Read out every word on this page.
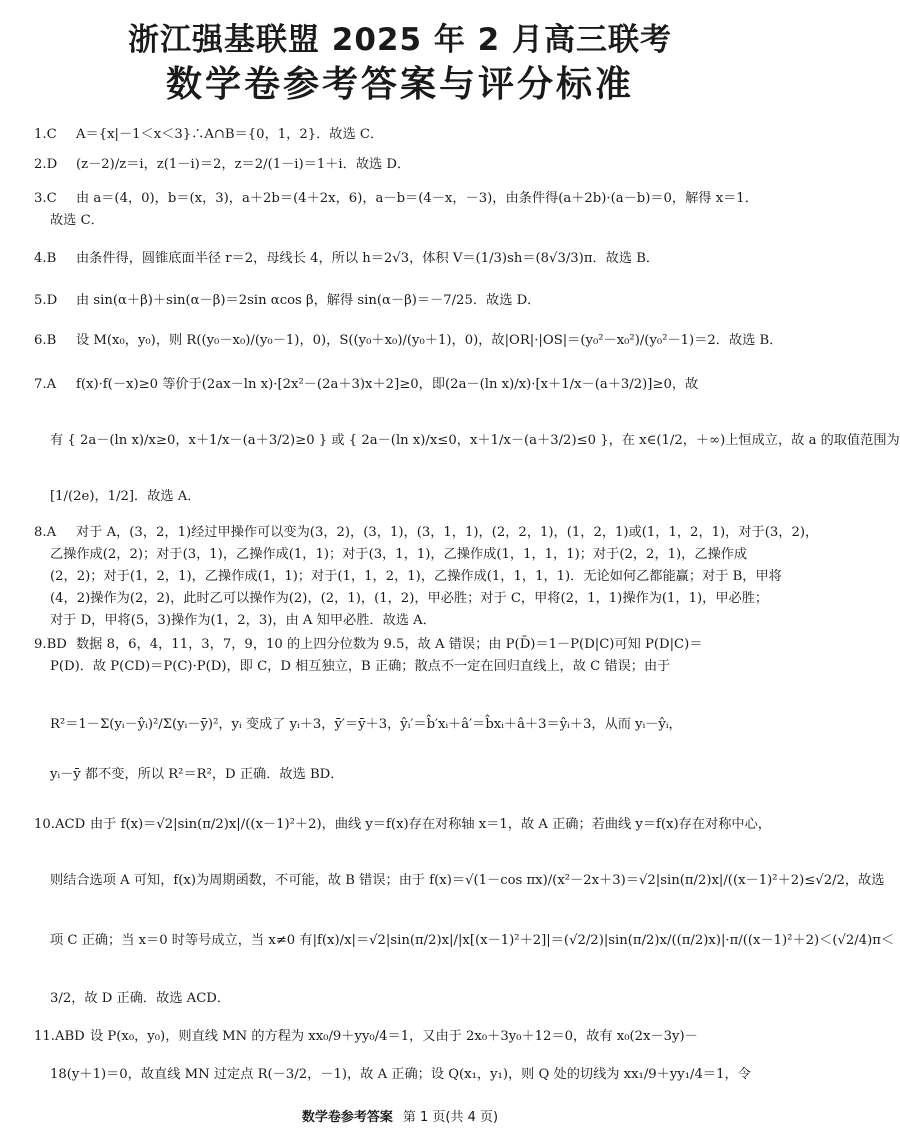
浙江强基联盟 2025 年 2 月高三联考
数学卷参考答案与评分标准
1.C A＝{x|－1＜x＜3}∴A∩B＝{0，1，2}．故选 C．
2.D (z－2)/z＝i，z(1－i)＝2，z＝2/(1－i)＝1＋i．故选 D．
3.C 由 a＝(4，0)，b＝(x，3)，a＋2b＝(4＋2x，6)，a－b＝(4－x，－3)，由条件得(a＋2b)·(a－b)＝0，解得 x＝1．
故选 C．
4.B 由条件得，圆锥底面半径 r＝2，母线长 4，所以 h＝2√3，体积 V＝(1/3)sh＝(8√3/3)π．故选 B．
5.D 由 sin(α＋β)＋sin(α－β)＝2sin αcos β，解得 sin(α－β)＝－7/25．故选 D．
6.B 设 M(x₀，y₀)，则 R((y₀－x₀)/(y₀－1)，0)，S((y₀＋x₀)/(y₀＋1)，0)，故|OR|·|OS|＝(y₀²－x₀²)/(y₀²－1)＝2．故选 B．
7.A f(x)·f(－x)≥0 等价于(2ax－ln x)·[2x²－(2a＋3)x＋2]≥0，即(2a－(ln x)/x)·[x＋1/x－(a＋3/2)]≥0，故
有 { 2a－(ln x)/x≥0，x＋1/x－(a＋3/2)≥0 } 或 { 2a－(ln x)/x≤0，x＋1/x－(a＋3/2)≤0 }，在 x∈(1/2，＋∞)上恒成立，故 a 的取值范围为
[1/(2e)，1/2]．故选 A．
8.A 对于 A，(3，2，1)经过甲操作可以变为(3，2)，(3，1)，(3，1，1)，(2，2，1)，(1，2，1)或(1，1，2，1)，对于(3，2)，
乙操作成(2，2)；对于(3，1)，乙操作成(1，1)；对于(3，1，1)，乙操作成(1，1，1，1)；对于(2，2，1)，乙操作成
(2，2)；对于(1，2，1)，乙操作成(1，1)；对于(1，1，2，1)，乙操作成(1，1，1，1)．无论如何乙都能赢；对于 B，甲将
(4，2)操作为(2，2)，此时乙可以操作为(2)，(2，1)，(1，2)，甲必胜；对于 C，甲将(2，1，1)操作为(1，1)，甲必胜；
对于 D，甲将(5，3)操作为(1，2，3)，由 A 知甲必胜．故选 A．
9.BD 数据 8，6，4，11，3，7，9，10 的上四分位数为 9.5，故 A 错误；由 P(D̄)＝1－P(D|C)可知 P(D|C)＝
P(D)．故 P(CD)＝P(C)·P(D)，即 C，D 相互独立，B 正确；散点不一定在回归直线上，故 C 错误；由于
R²＝1－Σ(yᵢ－ŷᵢ)²/Σ(yᵢ－ȳ)²，yᵢ 变成了 yᵢ＋3，ȳ′＝ȳ＋3，ŷᵢ′＝b̂′xᵢ＋â′＝b̂xᵢ＋â＋3＝ŷᵢ＋3，从而 yᵢ－ŷᵢ，
yᵢ－ȳ 都不变，所以 R²＝R²，D 正确．故选 BD．
10.ACD 由于 f(x)＝√2|sin(π/2)x|/((x－1)²＋2)，曲线 y＝f(x)存在对称轴 x＝1，故 A 正确；若曲线 y＝f(x)存在对称中心，
则结合选项 A 可知，f(x)为周期函数，不可能，故 B 错误；由于 f(x)＝√(1－cos πx)/(x²－2x＋3)＝√2|sin(π/2)x|/((x－1)²＋2)≤√2/2，故选
项 C 正确；当 x＝0 时等号成立，当 x≠0 有|f(x)/x|＝√2|sin(π/2)x|/|x[(x－1)²＋2]|＝(√2/2)|sin(π/2)x/((π/2)x)|·π/((x－1)²＋2)＜(√2/4)π＜
3/2，故 D 正确．故选 ACD．
11.ABD 设 P(x₀，y₀)，则直线 MN 的方程为 xx₀/9＋yy₀/4＝1，又由于 2x₀＋3y₀＋12＝0，故有 x₀(2x－3y)－
18(y＋1)＝0，故直线 MN 过定点 R(－3/2，－1)，故 A 正确；设 Q(x₁，y₁)，则 Q 处的切线为 xx₁/9＋yy₁/4＝1，令
数学卷参考答案 第 1 页(共 4 页)
